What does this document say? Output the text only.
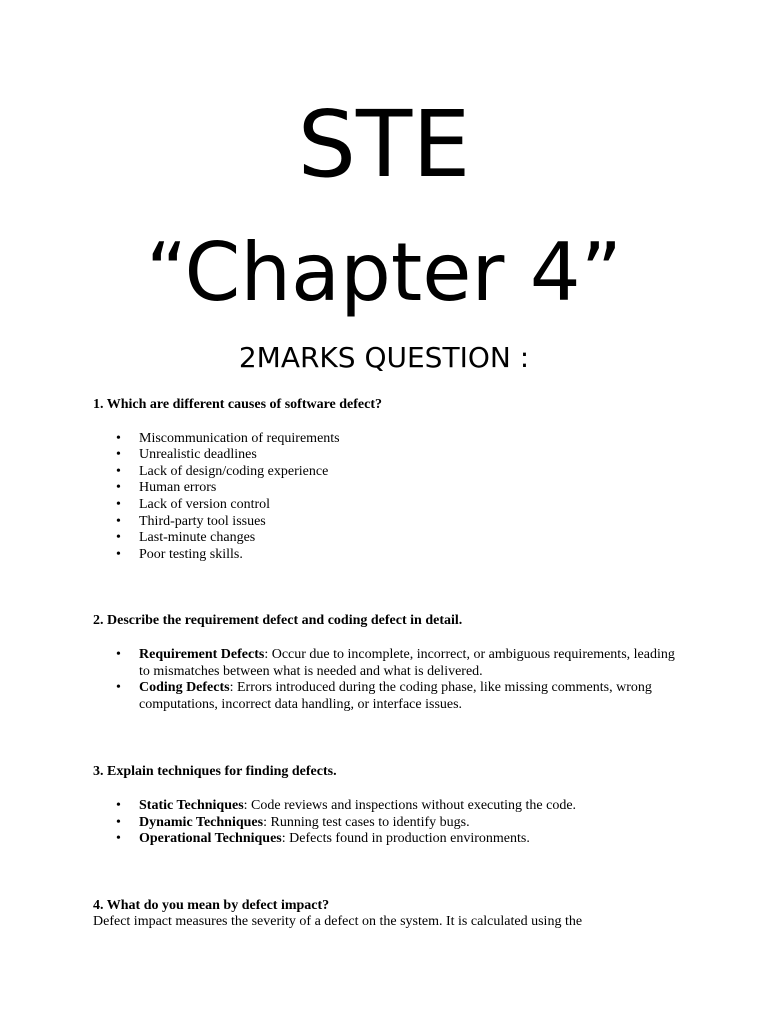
STE
“Chapter 4”
2MARKS QUESTION :

1. Which are different causes of software defect?

• Miscommunication of requirements
• Unrealistic deadlines
• Lack of design/coding experience
• Human errors
• Lack of version control
• Third-party tool issues
• Last-minute changes
• Poor testing skills.

2. Describe the requirement defect and coding defect in detail.

• Requirement Defects: Occur due to incomplete, incorrect, or ambiguous requirements, leading to mismatches between what is needed and what is delivered.
• Coding Defects: Errors introduced during the coding phase, like missing comments, wrong computations, incorrect data handling, or interface issues.

3. Explain techniques for finding defects.

• Static Techniques: Code reviews and inspections without executing the code.
• Dynamic Techniques: Running test cases to identify bugs.
• Operational Techniques: Defects found in production environments.

4. What do you mean by defect impact?

Defect impact measures the severity of a defect on the system. It is calculated using the
